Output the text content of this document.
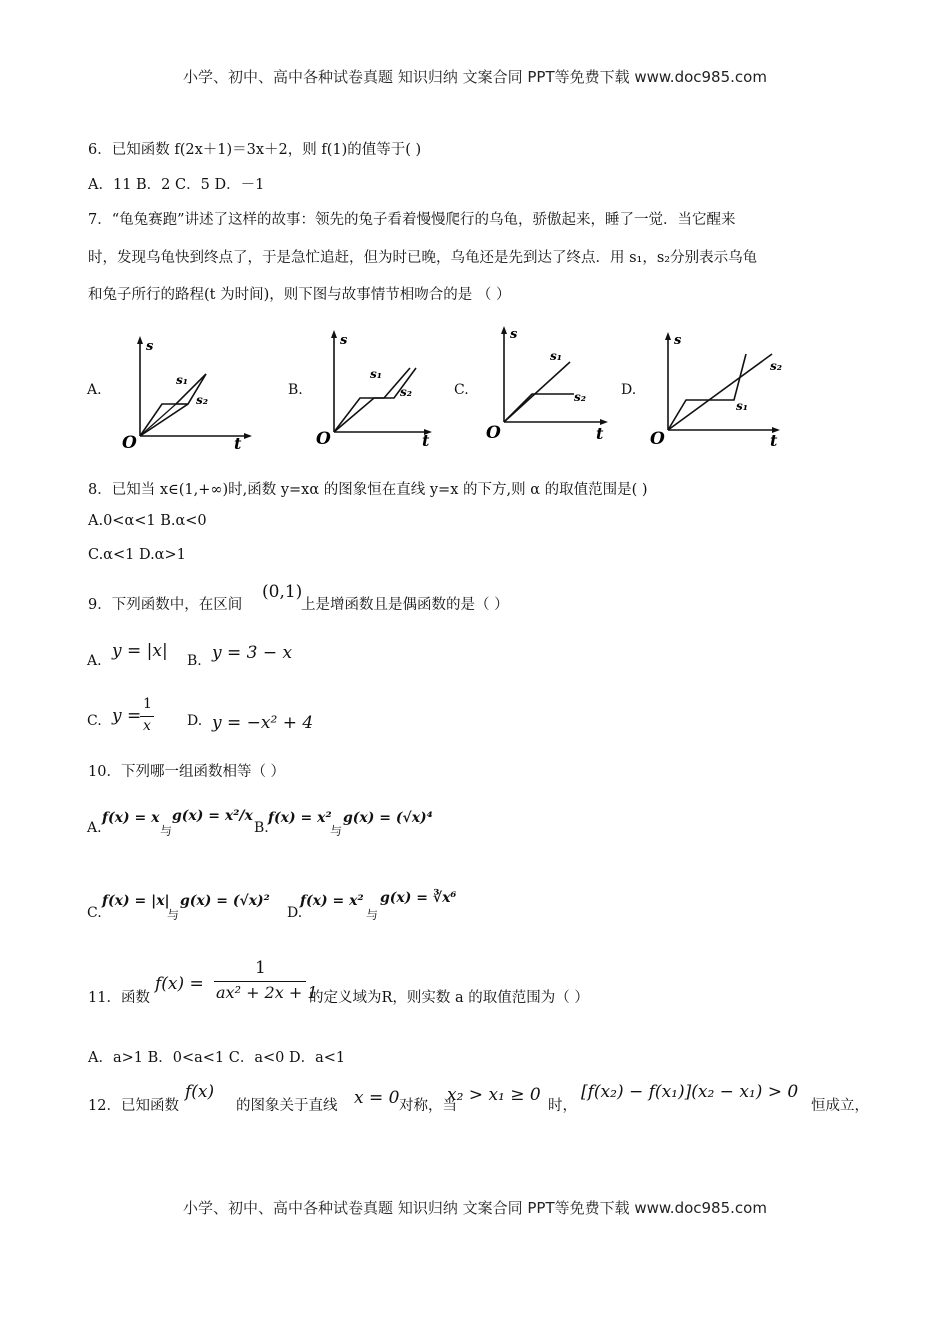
小学、初中、高中各种试卷真题 知识归纳 文案合同 PPT等免费下载 www.doc985.com
6．已知函数 f(2x＋1)＝3x＋2，则 f(1)的值等于( )
A．11 B．2 C．5 D．－1
7．“龟兔赛跑”讲述了这样的故事：领先的兔子看着慢慢爬行的乌龟，骄傲起来，睡了一觉．当它醒来
时，发现乌龟快到终点了，于是急忙追赶，但为时已晚，乌龟还是先到达了终点．用 s₁，s₂分别表示乌龟
和兔子所行的路程(t 为时间)，则下图与故事情节相吻合的是 （ ）
A.	B.	C.	D.
s
O	t
s₁
s₂
s
O	t
s₁
s₂
s
O	t
s₁
s₂
s
O	t
s₁
s₂
8．已知当 x∈(1,+∞)时,函数 y=xα 的图象恒在直线 y=x 的下方,则 α 的取值范围是( )
A.0<α<1 B.α<0
C.α<1 D.α>1
9．下列函数中，在区间
(0,1)
上是增函数且是偶函数的是（ ）
A. y = |x| B. y = 3 − x
C. y =
1
x	D. y = −x² + 4
10．下列哪一组函数相等（ ）
A.
f(x) = x
与
g(x) = x²/x
B.
f(x) = x²
与
g(x) = (√x)⁴
C.
f(x) = |x|
与
g(x) = (√x)²
D.
f(x) = x²
与
g(x) = ∛x⁶
11．函数
f(x) =
1
ax² + 2x + 1
的定义域为R，则实数 a 的取值范围为（ ）
A．a>1 B．0<a<1 C．a<0 D．a<1
12．已知函数
f(x)
的图象关于直线 x = 0 对称，当
x₂ > x₁ ≥ 0
时，
[f(x₂) − f(x₁)](x₂ − x₁) > 0
恒成立，
小学、初中、高中各种试卷真题 知识归纳 文案合同 PPT等免费下载 www.doc985.com
